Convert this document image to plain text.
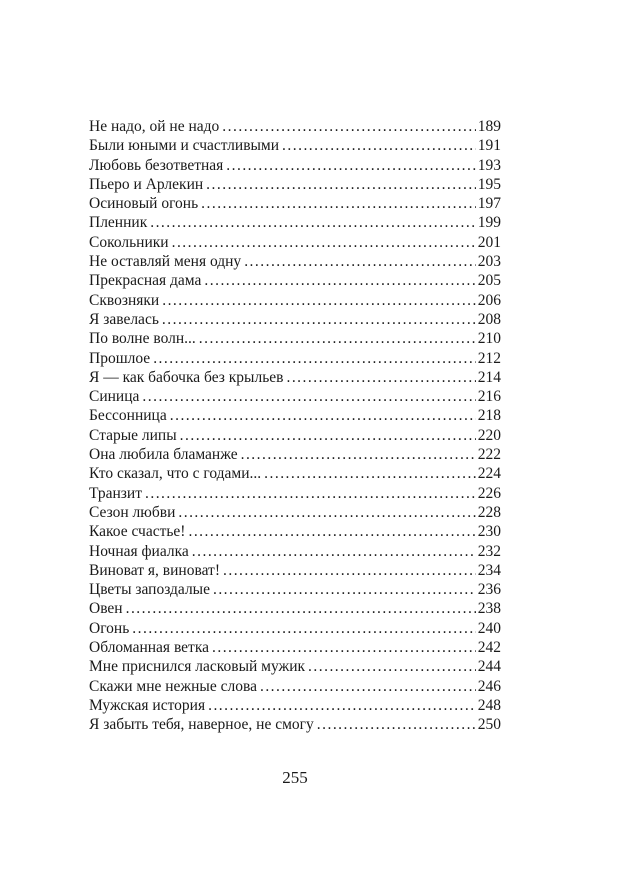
Не надо, ой не надо . . .	189
Были юными и счастливыми . . .	191
Любовь безответная . . .	193
Пьеро и Арлекин . . .	195
Осиновый огонь . . .	197
Пленник . . .	199
Сокольники . . .	201
Не оставляй меня одну . . .	203
Прекрасная дама . . .	205
Сквозняки . . .	206
Я завелась . . .	208
По волне волн... . . .	210
Прошлое . . .	212
Я — как бабочка без крыльев . . .	214
Синица . . .	216
Бессонница . . .	218
Старые липы . . .	220
Она любила бламанже . . .	222
Кто сказал, что с годами... . . .	224
Транзит . . .	226
Сезон любви . . .	228
Какое счастье! . . .	230
Ночная фиалка . . .	232
Виноват я, виноват! . . .	234
Цветы запоздалые . . .	236
Овен . . .	238
Огонь . . .	240
Обломанная ветка . . .	242
Мне приснился ласковый мужик . . .	244
Скажи мне нежные слова . . .	246
Мужская история . . .	248
Я забыть тебя, наверное, не смогу . . .	250
255
